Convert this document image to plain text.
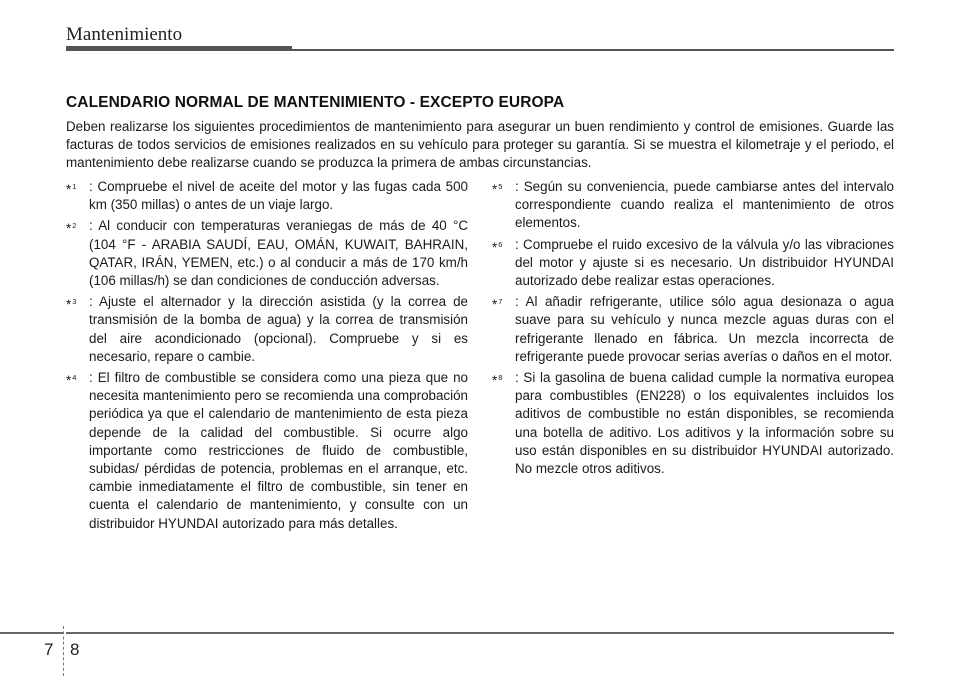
Mantenimiento
CALENDARIO NORMAL DE MANTENIMIENTO - EXCEPTO EUROPA
Deben realizarse los siguientes procedimientos de mantenimiento para asegurar un buen rendimiento y control de emisiones. Guarde las facturas de todos servicios de emisiones realizados en su vehículo para proteger su garantía. Si se muestra el kilometraje y el periodo, el mantenimiento debe realizarse cuando se produzca la primera de ambas circunstancias.
*$^1$ : Compruebe el nivel de aceite del motor y las fugas cada 500 km (350 millas) o antes de un viaje largo.
*$^2$ : Al conducir con temperaturas veraniegas de más de 40 °C (104 °F - ARABIA SAUDÍ, EAU, OMÁN, KUWAIT, BAHRAIN, QATAR, IRÁN, YEMEN, etc.) o al conducir a más de 170 km/h (106 millas/h) se dan condiciones de conducción adversas.
*$^3$ : Ajuste el alternador y la dirección asistida (y la correa de transmisión de la bomba de agua) y la correa de transmisión del aire acondicionado (opcional). Compruebe y si es necesario, repare o cambie.
*$^4$ : El filtro de combustible se considera como una pieza que no necesita mantenimiento pero se recomienda una comprobación periódica ya que el calendario de mantenimiento de esta pieza depende de la calidad del combustible. Si ocurre algo importante como restricciones de fluido de combustible, subidas/ pérdidas de potencia, problemas en el arranque, etc. cambie inmediatamente el filtro de combustible, sin tener en cuenta el calendario de mantenimiento, y consulte con un distribuidor HYUNDAI autorizado para más detalles.
*$^5$ : Según su conveniencia, puede cambiarse antes del intervalo correspondiente cuando realiza el mantenimiento de otros elementos.
*$^6$ : Compruebe el ruido excesivo de la válvula y/o las vibraciones del motor y ajuste si es necesario. Un distribuidor HYUNDAI autorizado debe realizar estas operaciones.
*$^7$ : Al añadir refrigerante, utilice sólo agua desionaza o agua suave para su vehículo y nunca mezcle aguas duras con el refrigerante llenado en fábrica. Un mezcla incorrecta de refrigerante puede provocar serias averías o daños en el motor.
*$^8$ : Si la gasolina de buena calidad cumple la normativa europea para combustibles (EN228) o los equivalentes incluidos los aditivos de combustible no están disponibles, se recomienda una botella de aditivo. Los aditivos y la información sobre su uso están disponibles en su distribuidor HYUNDAI autorizado. No mezcle otros aditivos.
7 8
